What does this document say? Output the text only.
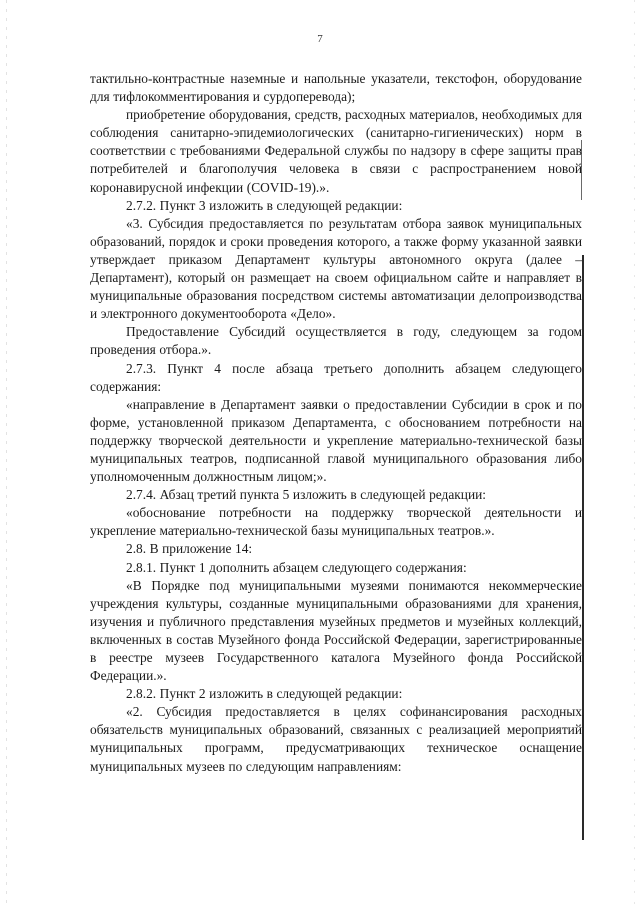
7

тактильно-контрастные наземные и напольные указатели, текстофон, оборудование для тифлокомментирования и сурдоперевода);

приобретение оборудования, средств, расходных материалов, необходимых для соблюдения санитарно-эпидемиологических (санитарно-гигиенических) норм в соответствии с требованиями Федеральной службы по надзору в сфере защиты прав потребителей и благополучия человека в связи с распространением новой коронавирусной инфекции (COVID-19).».

2.7.2. Пункт 3 изложить в следующей редакции:

«3. Субсидия предоставляется по результатам отбора заявок муниципальных образований, порядок и сроки проведения которого, а также форму указанной заявки утверждает приказом Департамент культуры автономного округа (далее – Департамент), который он размещает на своем официальном сайте и направляет в муниципальные образования посредством системы автоматизации делопроизводства и электронного документооборота «Дело».

Предоставление Субсидий осуществляется в году, следующем за годом проведения отбора.».

2.7.3. Пункт 4 после абзаца третьего дополнить абзацем следующего содержания:

«направление в Департамент заявки о предоставлении Субсидии в срок и по форме, установленной приказом Департамента, с обоснованием потребности на поддержку творческой деятельности и укрепление материально-технической базы муниципальных театров, подписанной главой муниципального образования либо уполномоченным должностным лицом;».

2.7.4. Абзац третий пункта 5 изложить в следующей редакции:

«обоснование потребности на поддержку творческой деятельности и укрепление материально-технической базы муниципальных театров.».

2.8. В приложение 14:

2.8.1. Пункт 1 дополнить абзацем следующего содержания:

«В Порядке под муниципальными музеями понимаются некоммерческие учреждения культуры, созданные муниципальными образованиями для хранения, изучения и публичного представления музейных предметов и музейных коллекций, включенных в состав Музейного фонда Российской Федерации, зарегистрированные в реестре музеев Государственного каталога Музейного фонда Российской Федерации.».

2.8.2. Пункт 2 изложить в следующей редакции:

«2. Субсидия предоставляется в целях софинансирования расходных обязательств муниципальных образований, связанных с реализацией мероприятий муниципальных программ, предусматривающих техническое оснащение муниципальных музеев по следующим направлениям:
